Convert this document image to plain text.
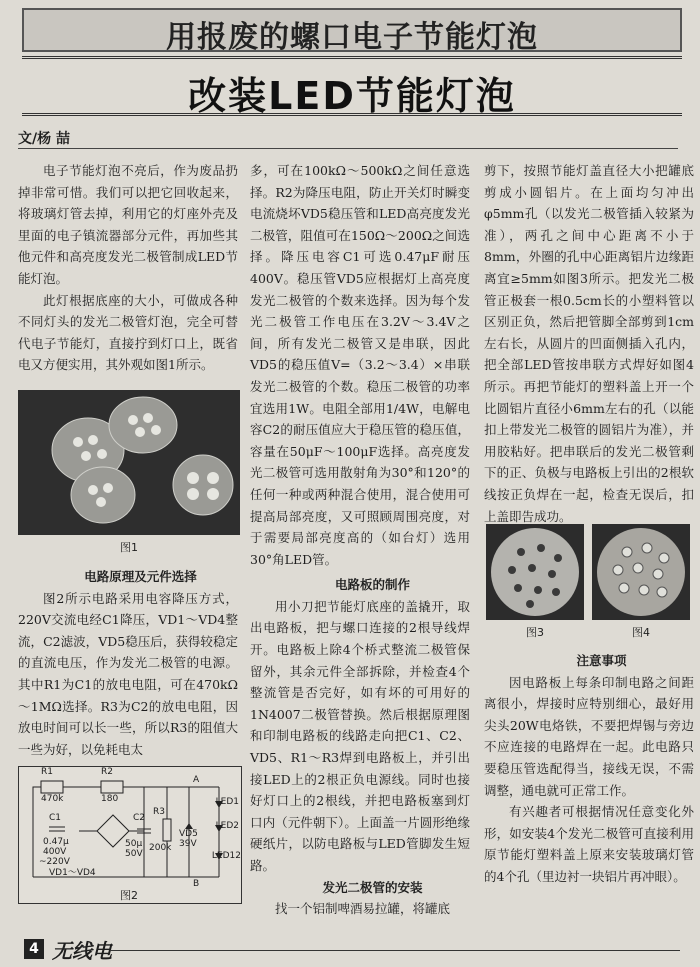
用报废的螺口电子节能灯泡
改装LED节能灯泡
文/杨 喆

电子节能灯泡不亮后，作为废品扔掉非常可惜。我们可以把它回收起来，将玻璃灯管去掉，利用它的灯座外壳及里面的电子镇流器部分元件，再加些其他元件和高亮度发光二极管制成LED节能灯泡。

此灯根据底座的大小，可做成各种不同灯头的发光二极管灯泡，完全可替代电子节能灯，直接拧到灯口上，既省电又方便实用，其外观如图1所示。

图1

电路原理及元件选择

图2所示电路采用电容降压方式，220V交流电经C1降压，VD1～VD4整流，C2滤波，VD5稳压后，获得较稳定的直流电压，作为发光二极管的电源。其中R1为C1的放电电阻，可在470kΩ～1MΩ选择。R3为C2的放电电阻，因放电时间可以长一些，所以R3的阻值大一些为好，以免耗电太

R1
470k
R2
180
C1
0.47μ
400V
~220V
C2
50μ
50V
R3
200k
VD5
39V
A
B
LED1
LED2
LED12
VD1～VD4
图2

多，可在100kΩ～500kΩ之间任意选择。R2为降压电阻，防止开关灯时瞬变电流烧坏VD5稳压管和LED高亮度发光二极管，阻值可在150Ω～200Ω之间选择。降压电容C1可选0.47μF耐压400V。稳压管VD5应根据灯上高亮度发光二极管的个数来选择。因为每个发光二极管工作电压在3.2V～3.4V之间，所有发光二极管又是串联，因此VD5的稳压值V=（3.2～3.4）×串联发光二极管的个数。稳压二极管的功率宜选用1W。电阻全部用1/4W，电解电容C2的耐压值应大于稳压管的稳压值，容量在50μF～100μF选择。高亮度发光二极管可选用散射角为30°和120°的任何一种或两种混合使用，混合使用可提高局部亮度，又可照顾周围亮度，对于需要局部亮度高的（如台灯）选用30°角LED管。

电路板的制作

用小刀把节能灯底座的盖撬开，取出电路板，把与螺口连接的2根导线焊开。电路板上除4个桥式整流二极管保留外，其余元件全部拆除，并检查4个整流管是否完好，如有坏的可用好的1N4007二极管替换。然后根据原理图和印制电路板的线路走向把C1、C2、VD5、R1～R3焊到电路板上，并引出接LED上的2根正负电源线。同时也接好灯口上的2根线，并把电路板塞到灯口内（元件朝下）。上面盖一片圆形绝缘硬纸片，以防电路板与LED管脚发生短路。

发光二极管的安装

找一个铝制啤酒易拉罐，将罐底

剪下，按照节能灯盖直径大小把罐底剪成小圆铝片。在上面均匀冲出φ5mm孔（以发光二极管插入较紧为准），两孔之间中心距离不小于8mm，外圈的孔中心距离铝片边缘距离宜≥5mm如图3所示。把发光二极管正极套一根0.5cm长的小塑料管以区别正负，然后把管脚全部剪到1cm左右长，从圆片的凹面侧插入孔内，把全部LED管按串联方式焊好如图4所示。再把节能灯的塑料盖上开一个比圆铝片直径小6mm左右的孔（以能扣上带发光二极管的圆铝片为准），并用胶粘好。把串联后的发光二极管剩下的正、负极与电路板上引出的2根软线按正负焊在一起，检查无误后，扣上盖即告成功。

图3	图4

注意事项

因电路板上每条印制电路之间距离很小，焊接时应特别细心，最好用尖头20W电烙铁，不要把焊锡与旁边不应连接的电路焊在一起。此电路只要稳压管选配得当，接线无误，不需调整，通电就可正常工作。

有兴趣者可根据情况任意变化外形，如安装4个发光二极管可直接利用原节能灯塑料盖上原来安装玻璃灯管的4个孔（里边衬一块铝片再冲眼）。

4 无线电
